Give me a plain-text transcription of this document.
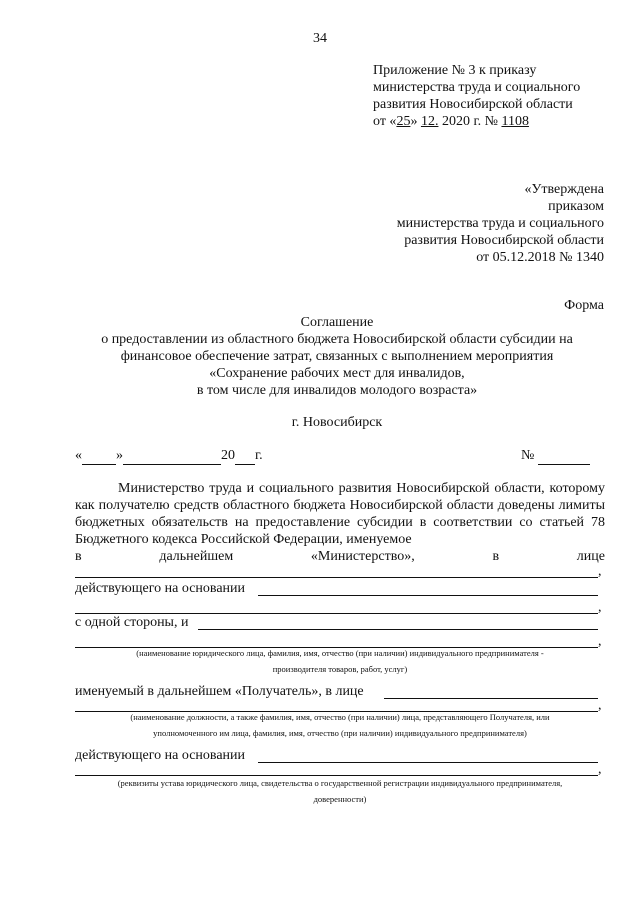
34
Приложение № 3 к приказу
министерства труда и социального
развития Новосибирской области
от «25» 12. 2020 г. № 1108
«Утверждена
приказом
министерства труда и социального
развития Новосибирской области
от 05.12.2018 № 1340
Форма
Соглашение
о предоставлении из областного бюджета Новосибирской области субсидии на
финансовое обеспечение затрат, связанных с выполнением мероприятия
«Сохранение рабочих мест для инвалидов,
в том числе для инвалидов молодого возраста»
г. Новосибирск
« »	20 г.	№
Министерство труда и социального развития Новосибирской области, которому как получателю средств областного бюджета Новосибирской области доведены лимиты бюджетных обязательств на предоставление субсидии в соответствии со статьей 78 Бюджетного кодекса Российской Федерации, именуемое
в	дальнейшем	«Министерство»,	в	лице
,
действующего на основании
,
с одной стороны, и
,
(наименование юридического лица, фамилия, имя, отчество (при наличии) индивидуального предпринимателя -
производителя товаров, работ, услуг)
именуемый в дальнейшем «Получатель», в лице
,
(наименование должности, а также фамилия, имя, отчество (при наличии) лица, представляющего Получателя, или
уполномоченного им лица, фамилия, имя, отчество (при наличии) индивидуального предпринимателя)
действующего на основании
,
(реквизиты устава юридического лица, свидетельства о государственной регистрации индивидуального предпринимателя,
доверенности)
